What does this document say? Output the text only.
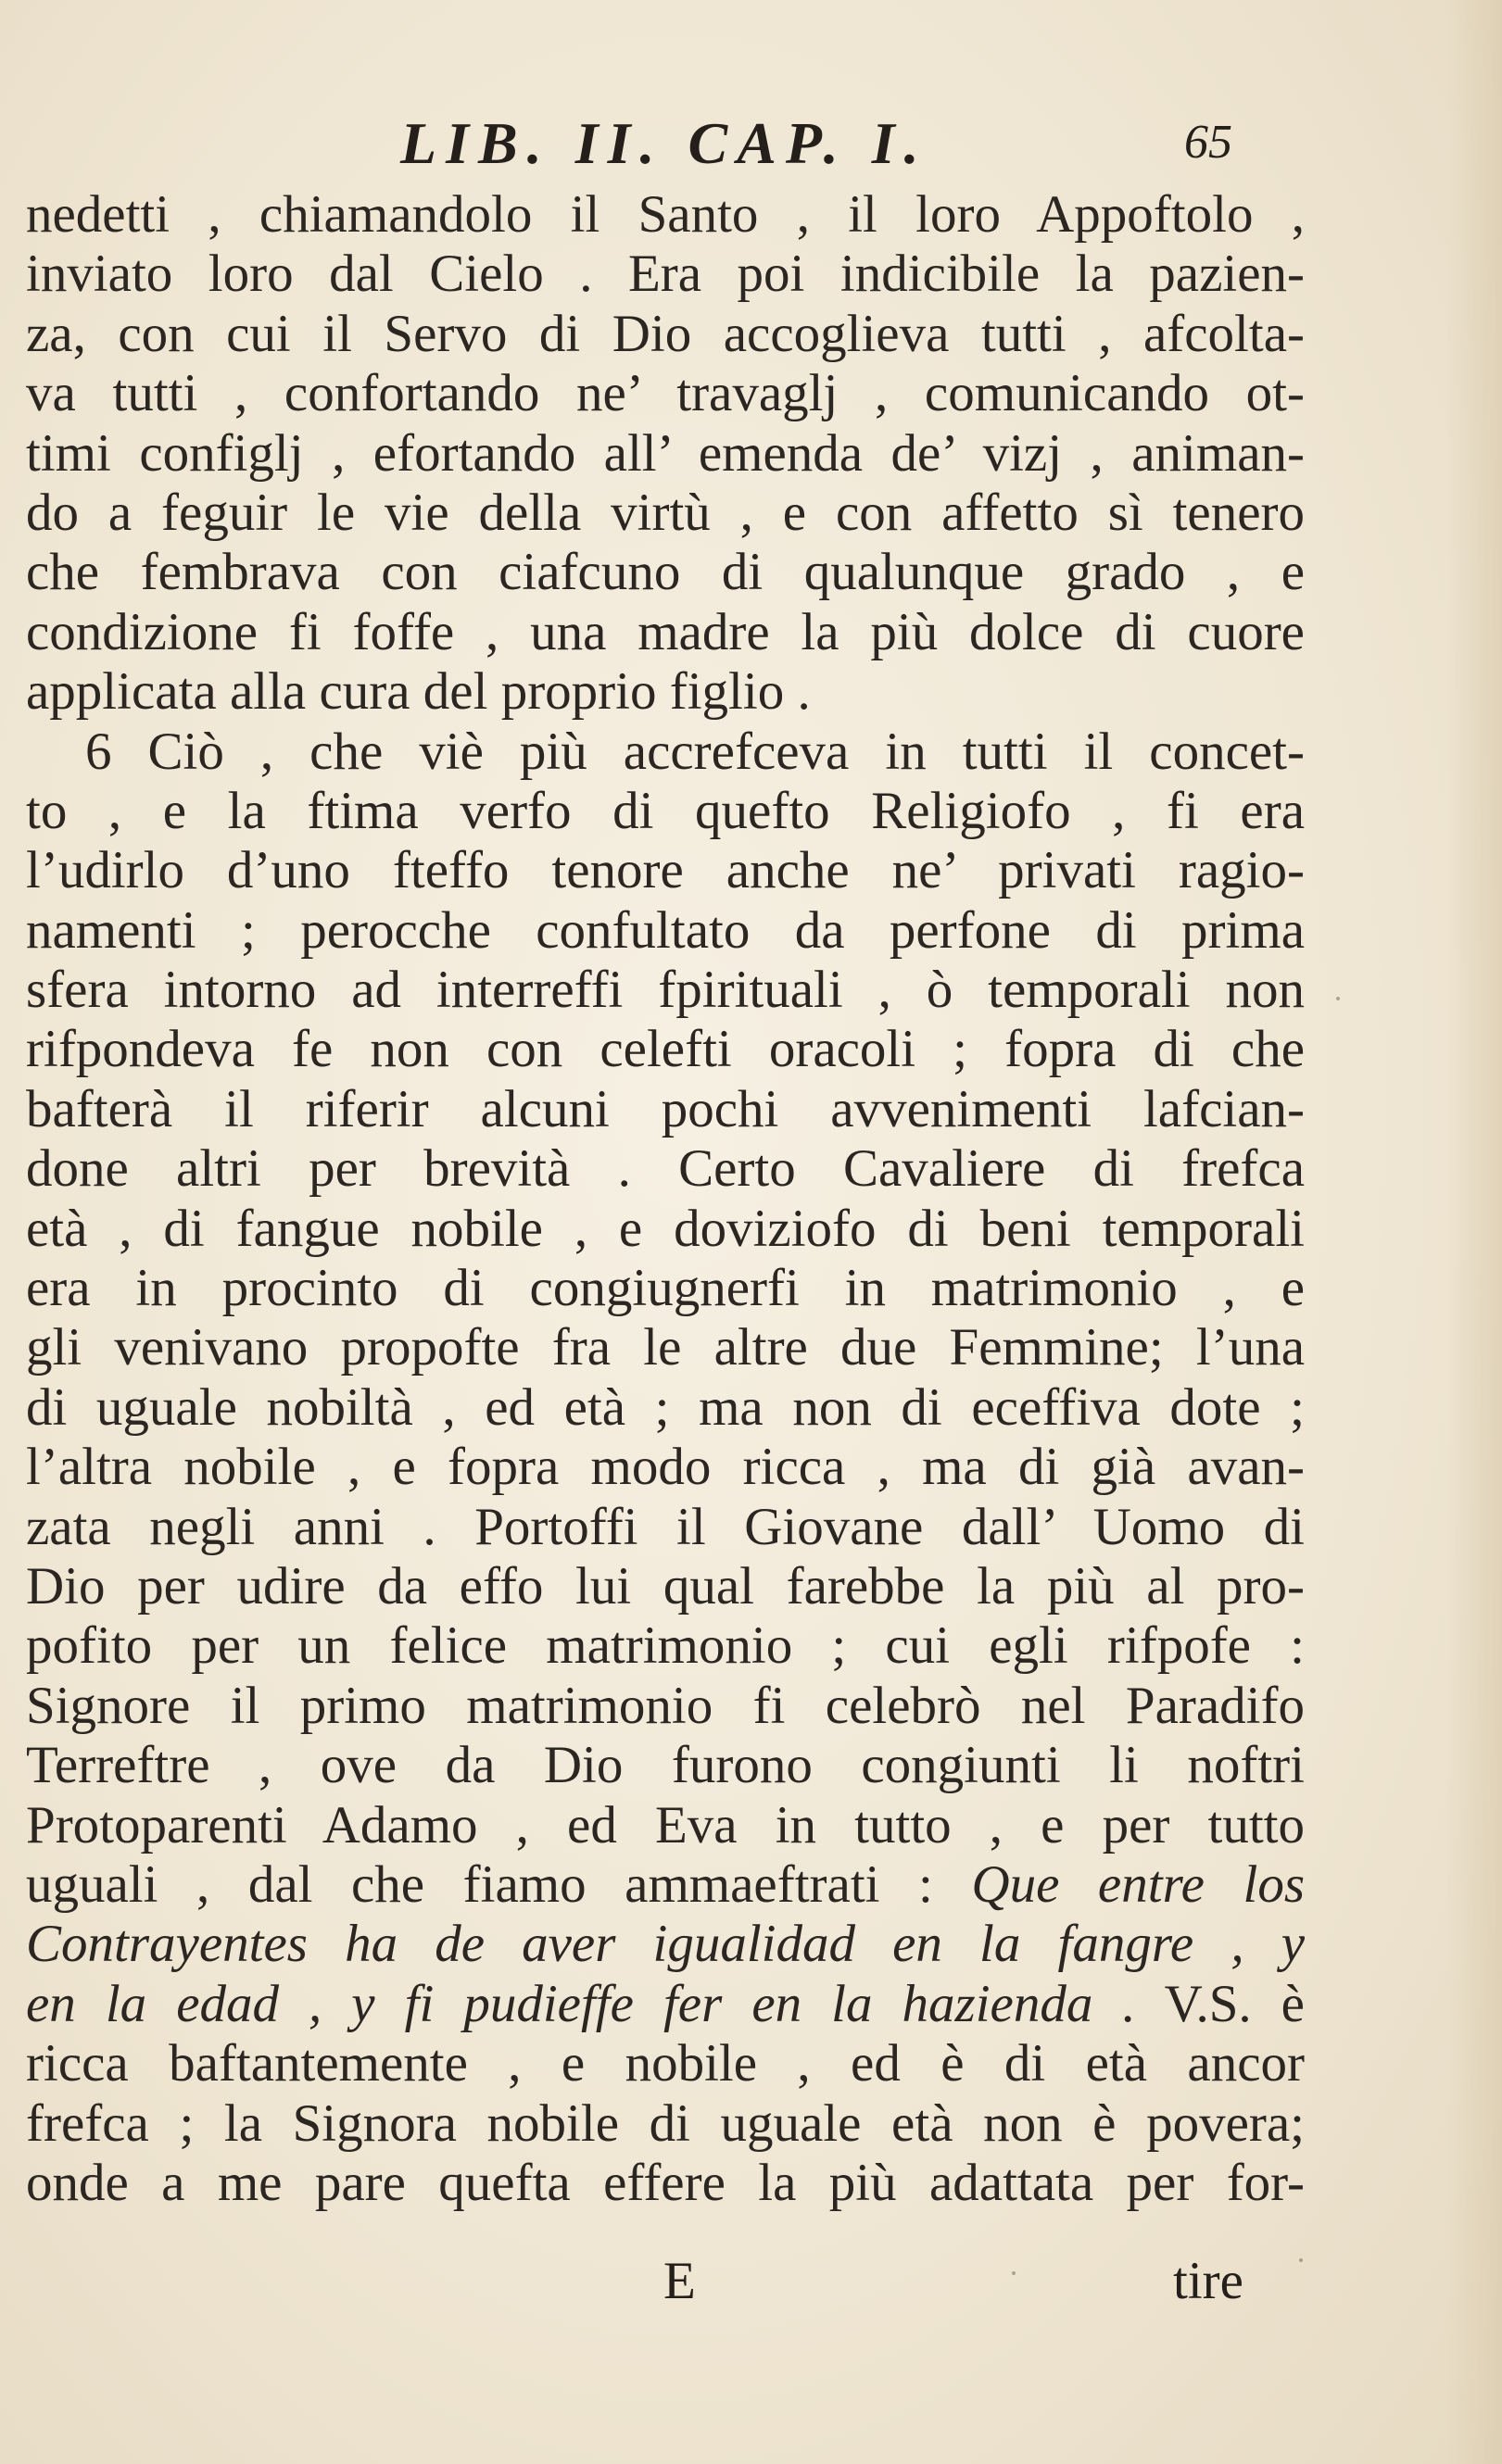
LIB. II. CAP. I.	65
nedetti , chiamandolo il Santo , il loro Appoftolo ,
inviato loro dal Cielo . Era poi indicibile la pazien-
za, con cui il Servo di Dio accoglieva tutti , afcolta-
va tutti , confortando ne’ travaglj , comunicando ot-
timi configlj , efortando all’ emenda de’ vizj , animan-
do a feguir le vie della virtù , e con affetto sì tenero
che fembrava con ciafcuno di qualunque grado , e
condizione fi foffe , una madre la più dolce di cuore
applicata alla cura del proprio figlio .
6 Ciò , che viè più accrefceva in tutti il concet-
to , e la ftima verfo di quefto Religiofo , fi era
l’udirlo d’uno fteffo tenore anche ne’ privati ragio-
namenti ; perocche confultato da perfone di prima
sfera intorno ad interreffi fpirituali , ò temporali non
rifpondeva fe non con celefti oracoli ; fopra di che
bafterà il riferir alcuni pochi avvenimenti lafcian-
done altri per brevità . Certo Cavaliere di frefca
età , di fangue nobile , e doviziofo di beni temporali
era in procinto di congiugnerfi in matrimonio , e
gli venivano propofte fra le altre due Femmine; l’una
di uguale nobiltà , ed età ; ma non di eceffiva dote ;
l’altra nobile , e fopra modo ricca , ma di già avan-
zata negli anni . Portoffi il Giovane dall’ Uomo di
Dio per udire da effo lui qual farebbe la più al pro-
pofito per un felice matrimonio ; cui egli rifpofe :
Signore il primo matrimonio fi celebrò nel Paradifo
Terreftre , ove da Dio furono congiunti li noftri
Protoparenti Adamo , ed Eva in tutto , e per tutto
uguali , dal che fiamo ammaeftrati : Que entre los
Contrayentes ha de aver igualidad en la fangre , y
en la edad , y fi pudieffe fer en la hazienda . V.S. è
ricca baftantemente , e nobile , ed è di età ancor
frefca ; la Signora nobile di uguale età non è povera;
onde a me pare quefta effere la più adattata per for-
E	tire
